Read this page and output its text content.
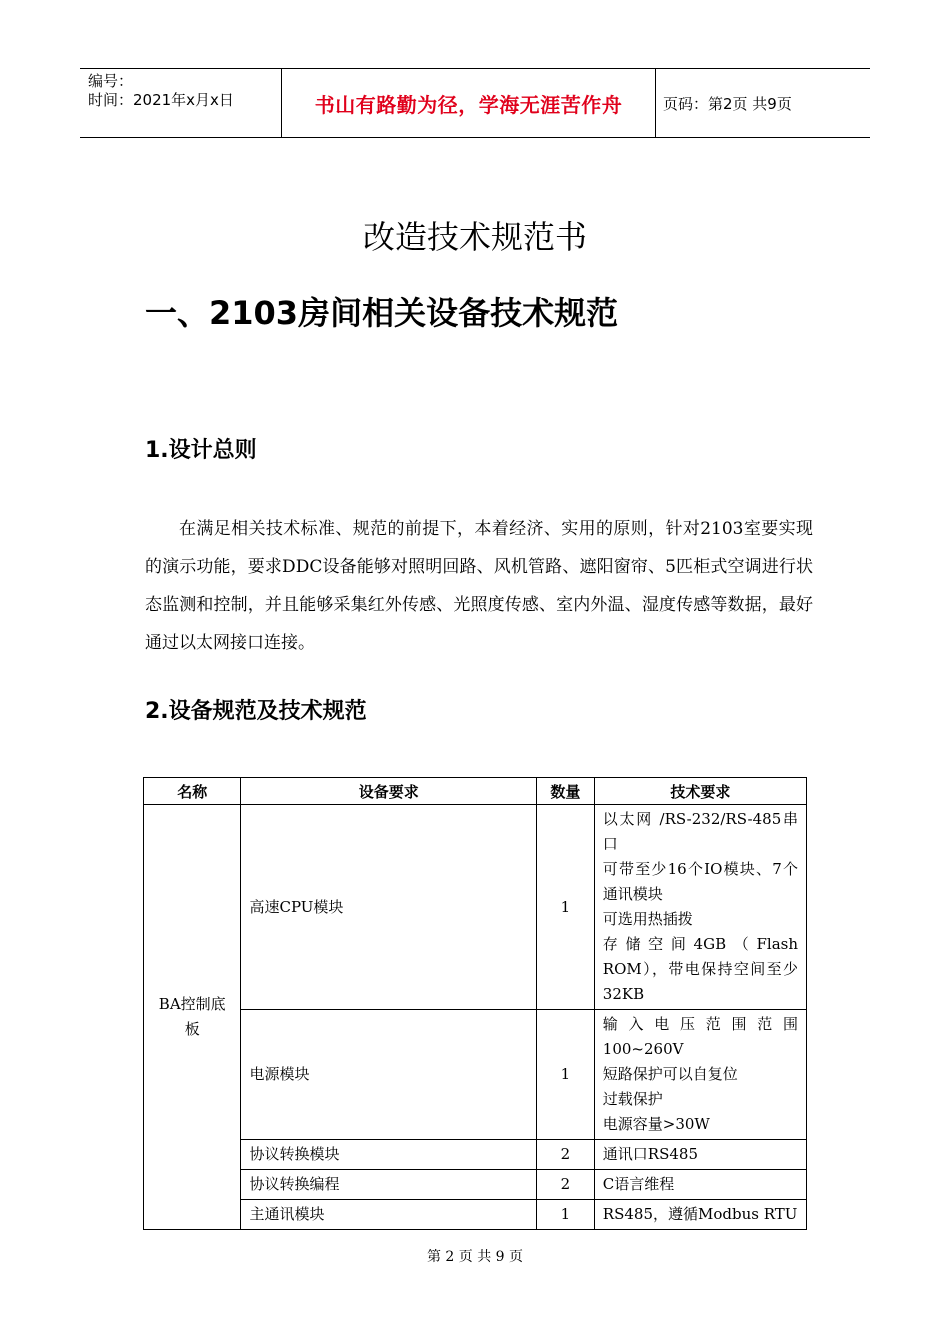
编号：
时间：2021年x月x日	书山有路勤为径，学海无涯苦作舟	页码：第2页 共9页
改造技术规范书
一、2103房间相关设备技术规范
1.设计总则
在满足相关技术标准、规范的前提下，本着经济、实用的原则，针对2103室要实现的演示功能，要求DDC设备能够对照明回路、风机管路、遮阳窗帘、5匹柜式空调进行状态监测和控制，并且能够采集红外传感、光照度传感、室内外温、湿度传感等数据，最好通过以太网接口连接。
2.设备规范及技术规范
名称	设备要求	数量	技术要求
BA控制底板	高速CPU模块	1	以太网 /RS-232/RS-485串口
可带至少16个IO模块、7个通讯模块
可选用热插拨
存储空间4GB（Flash ROM），带电保持空间至少32KB

	电源模块	1	输入电压范围范围100~260V
短路保护可以自复位
过载保护
电源容量>30W

	协议转换模块	2	通讯口RS485

	协议转换编程	2	C语言维程

	主通讯模块	1	RS485，遵循Modbus RTU
第 2 页 共 9 页
